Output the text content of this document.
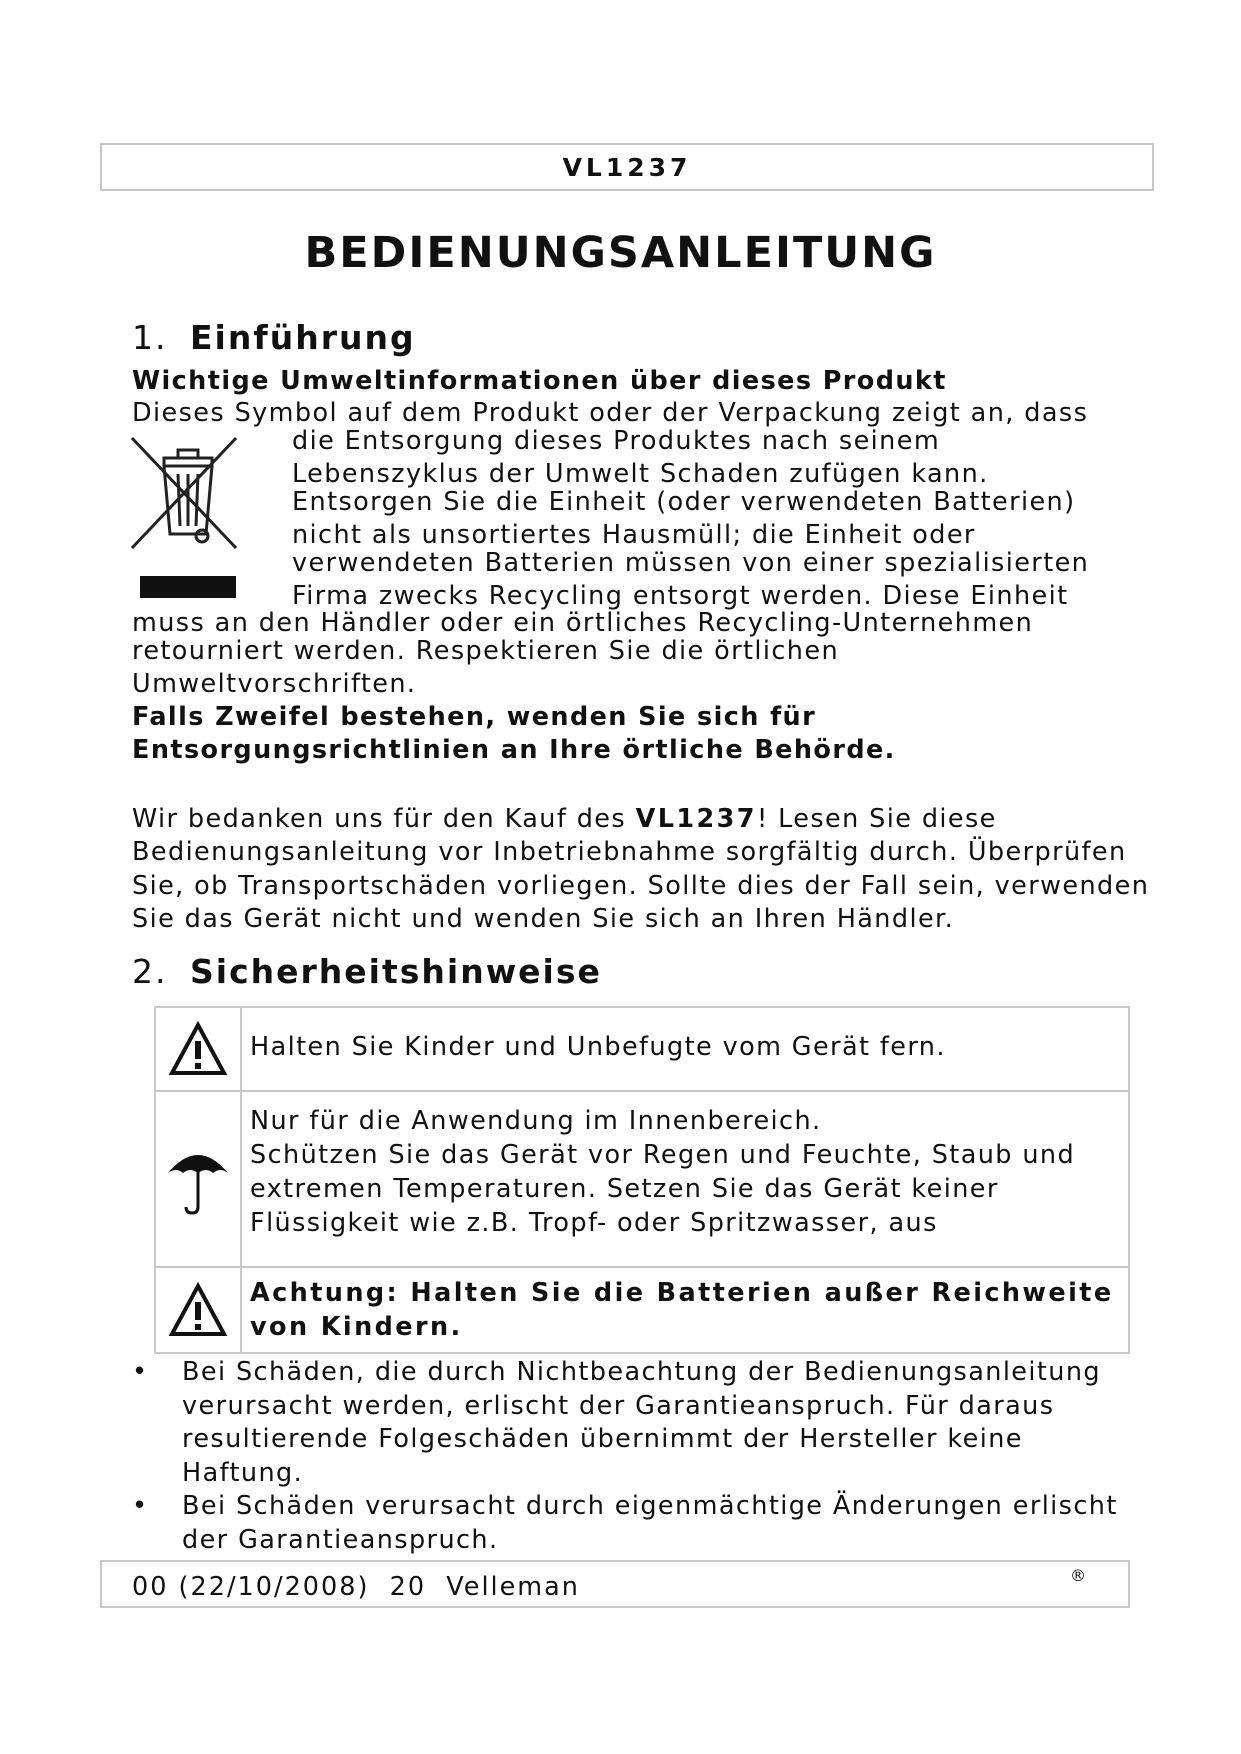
VL1237
BEDIENUNGSANLEITUNG
1. Einführung
Wichtige Umweltinformationen über dieses Produkt
Dieses Symbol auf dem Produkt oder der Verpackung zeigt an, dass
die Entsorgung dieses Produktes nach seinem
Lebenszyklus der Umwelt Schaden zufügen kann.
Entsorgen Sie die Einheit (oder verwendeten Batterien)
nicht als unsortiertes Hausmüll; die Einheit oder
verwendeten Batterien müssen von einer spezialisierten
Firma zwecks Recycling entsorgt werden. Diese Einheit
muss an den Händler oder ein örtliches Recycling-Unternehmen
retourniert werden. Respektieren Sie die örtlichen
Umweltvorschriften.
Falls Zweifel bestehen, wenden Sie sich für
Entsorgungsrichtlinien an Ihre örtliche Behörde.
Wir bedanken uns für den Kauf des VL1237! Lesen Sie diese
Bedienungsanleitung vor Inbetriebnahme sorgfältig durch. Überprüfen
Sie, ob Transportschäden vorliegen. Sollte dies der Fall sein, verwenden
Sie das Gerät nicht und wenden Sie sich an Ihren Händler.
2. Sicherheitshinweise
Halten Sie Kinder und Unbefugte vom Gerät fern.
Nur für die Anwendung im Innenbereich.
Schützen Sie das Gerät vor Regen und Feuchte, Staub und
extremen Temperaturen. Setzen Sie das Gerät keiner
Flüssigkeit wie z.B. Tropf- oder Spritzwasser, aus
Achtung: Halten Sie die Batterien außer Reichweite
von Kindern.
• Bei Schäden, die durch Nichtbeachtung der Bedienungsanleitung
verursacht werden, erlischt der Garantieanspruch. Für daraus
resultierende Folgeschäden übernimmt der Hersteller keine
Haftung.
• Bei Schäden verursacht durch eigenmächtige Änderungen erlischt
der Garantieanspruch.
00 (22/10/2008)  20  Velleman	®
